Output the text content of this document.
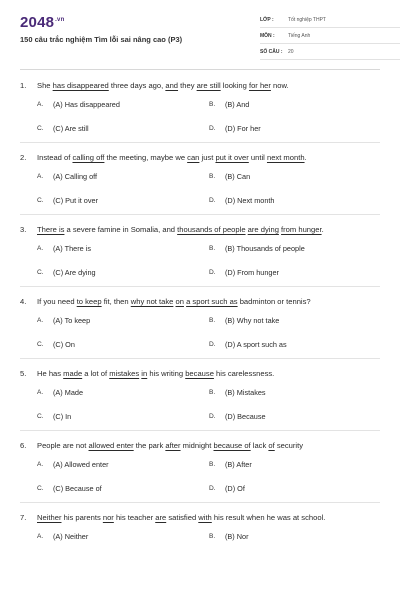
$2048^{.vn}$
150 câu trắc nghiệm Tìm lỗi sai nâng cao (P3)
LỚP :	Tốt nghiệp THPT
MÔN :	Tiếng Anh
SỐ CÂU :	20
1.	She has disappeared three days ago, and they are still looking for her now.
A.	(A) Has disappeared	B.	(B) And
C.	(C) Are still	D.	(D) For her
2.	Instead of calling off the meeting, maybe we can just put it over until next month.
A.	(A) Calling off	B.	(B) Can
C.	(C) Put it over	D.	(D) Next month
3.	There is a severe famine in Somalia, and thousands of people are dying from hunger.
A.	(A) There is	B.	(B) Thousands of people
C.	(C) Are dying	D.	(D) From hunger
4.	If you need to keep fit, then why not take on a sport such as badminton or tennis?
A.	(A) To keep	B.	(B) Why not take
C.	(C) On	D.	(D) A sport such as
5.	He has made a lot of mistakes in his writing because his carelessness.
A.	(A) Made	B.	(B) Mistakes
C.	(C) In	D.	(D) Because
6.	People are not allowed enter the park after midnight because of lack of security
A.	(A) Allowed enter	B.	(B) After
C.	(C) Because of	D.	(D) Of
7.	Neither his parents nor his teacher are satisfied with his result when he was at school.
A.	(A) Neither	B.	(B) Nor
